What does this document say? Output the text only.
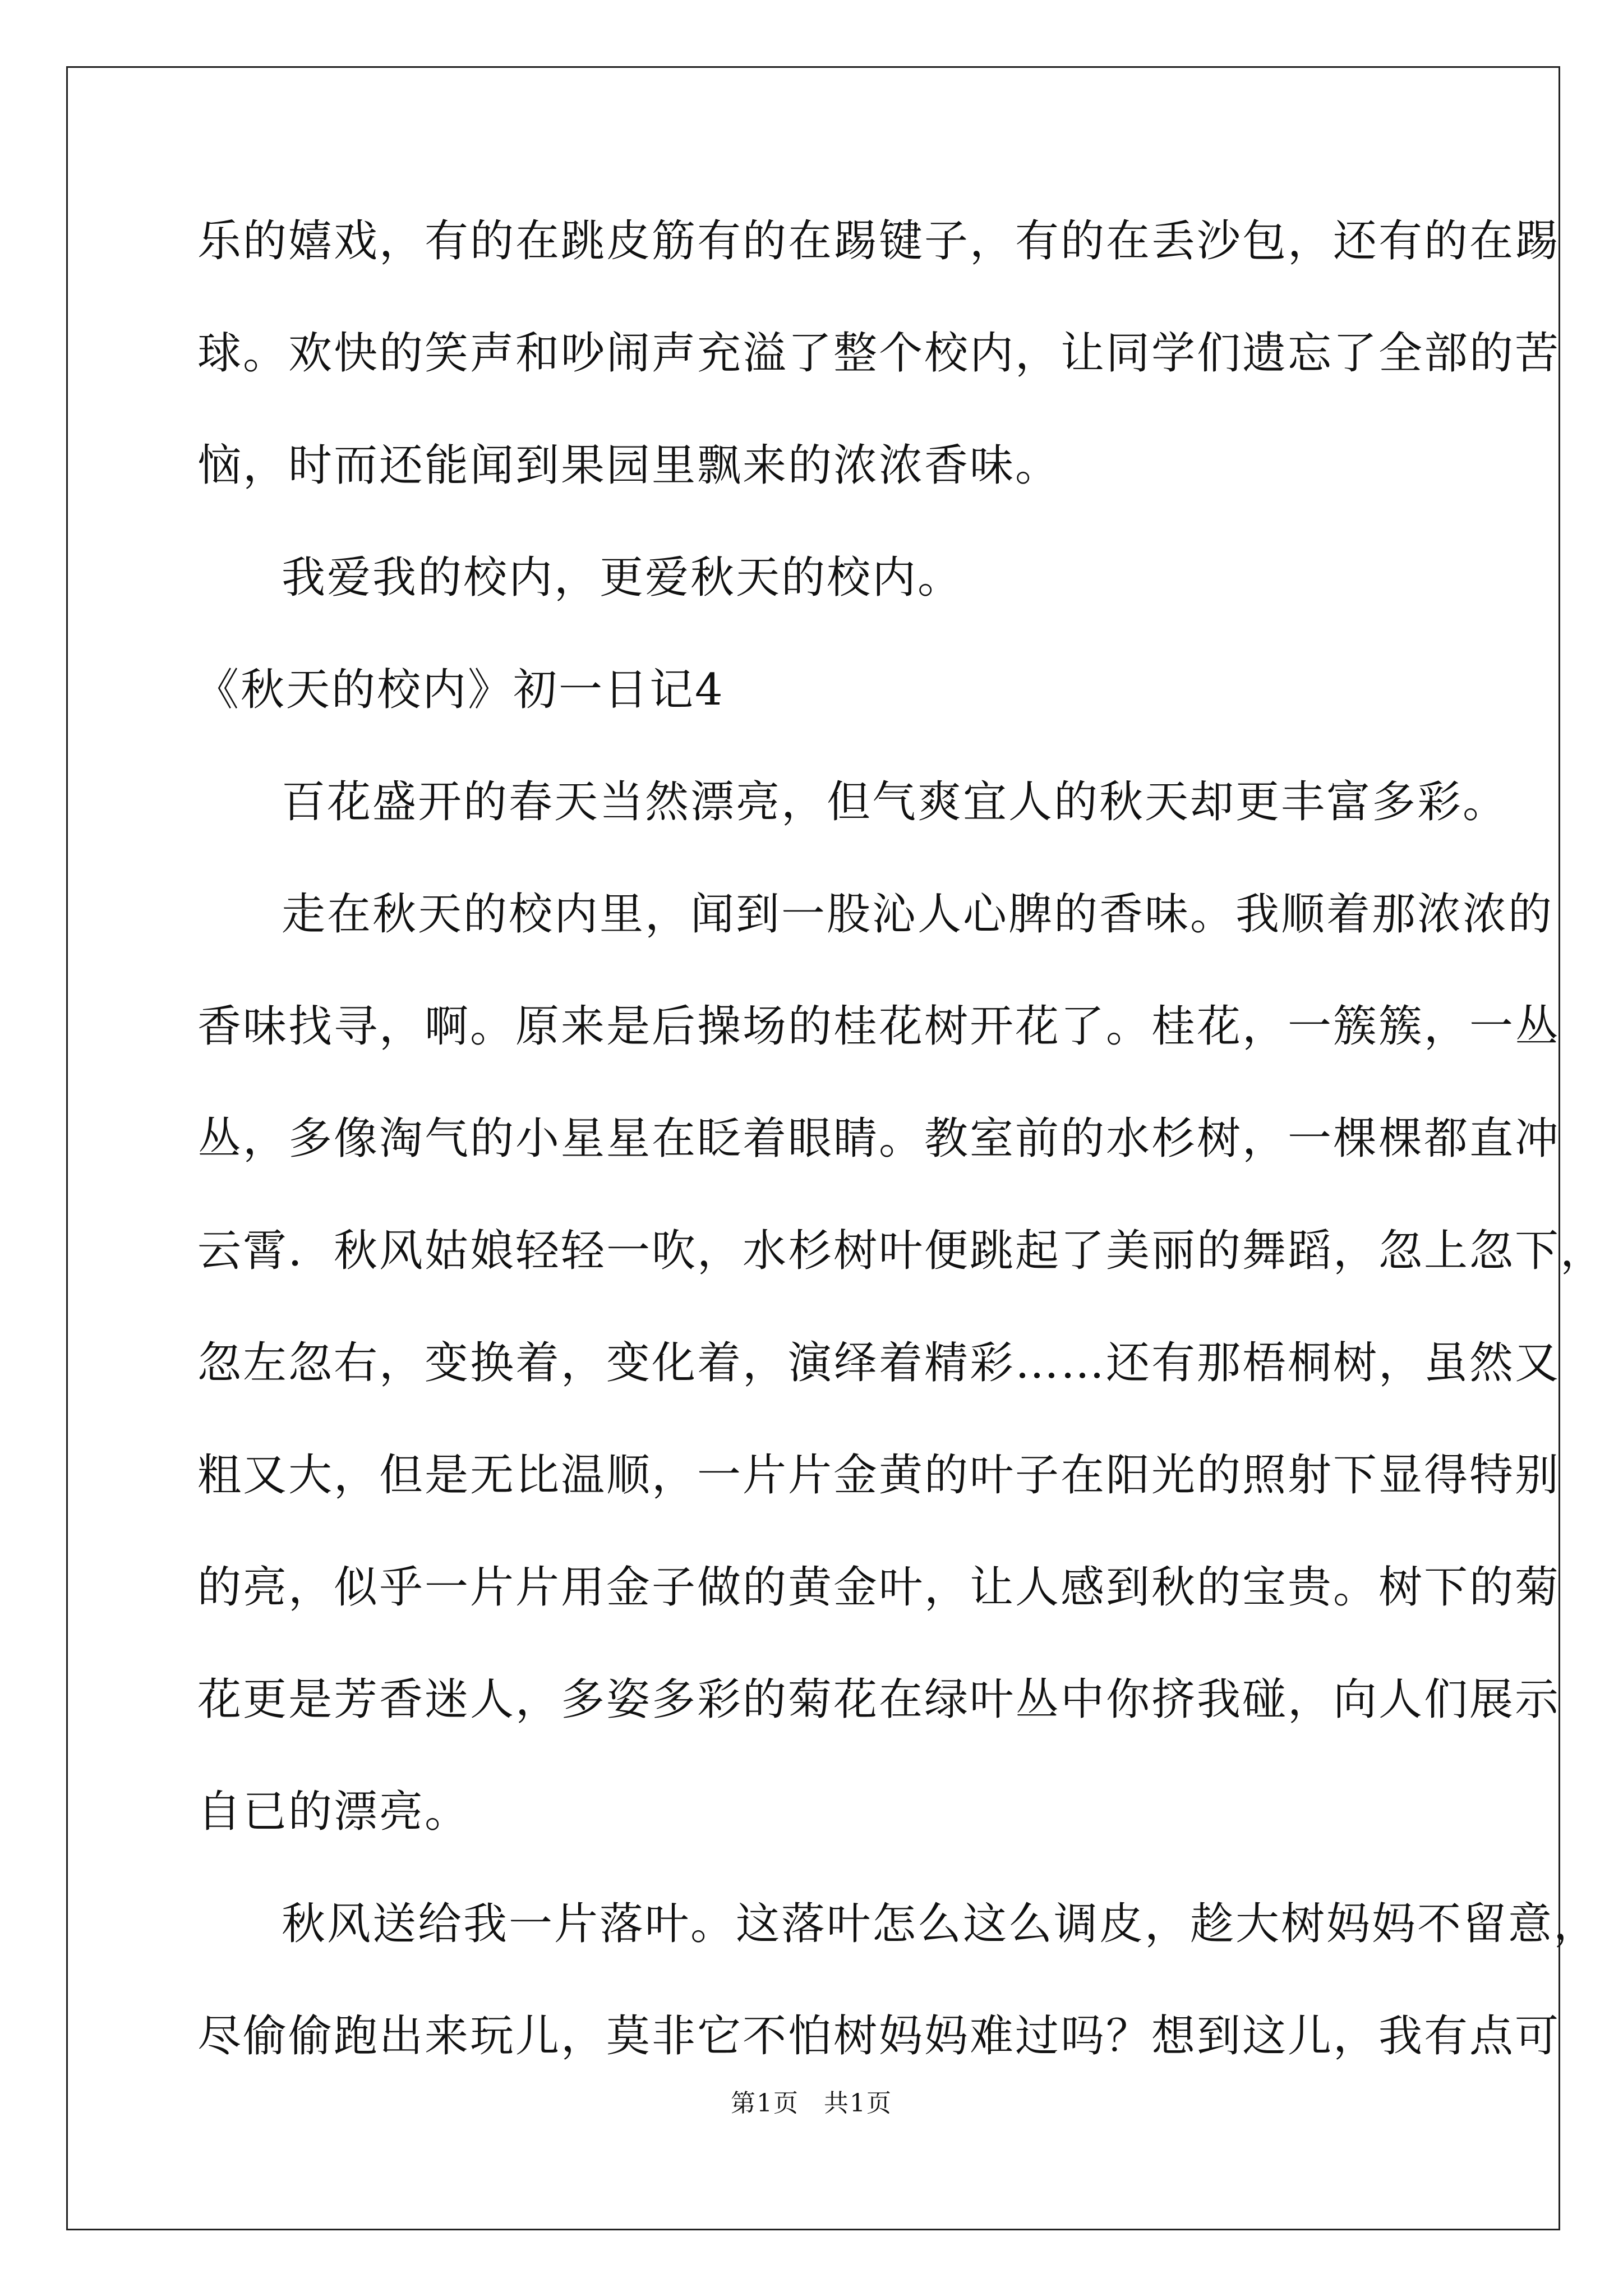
乐的嬉戏，有的在跳皮筋有的在踢键子，有的在丢沙包，还有的在踢
球。欢快的笑声和吵闹声充溢了整个校内，让同学们遗忘了全部的苦
恼，时而还能闻到果园里飘来的浓浓香味。
我爱我的校内，更爱秋天的校内。
《秋天的校内》初一日记4
百花盛开的春天当然漂亮，但气爽宜人的秋天却更丰富多彩。
走在秋天的校内里，闻到一股沁人心脾的香味。我顺着那浓浓的
香味找寻，啊。原来是后操场的桂花树开花了。桂花，一簇簇，一丛
丛，多像淘气的小星星在眨着眼睛。教室前的水杉树，一棵棵都直冲
云霄．秋风姑娘轻轻一吹，水杉树叶便跳起了美丽的舞蹈，忽上忽下，
忽左忽右，变换着，变化着，演绎着精彩……还有那梧桐树，虽然又
粗又大，但是无比温顺，一片片金黄的叶子在阳光的照射下显得特别
的亮，似乎一片片用金子做的黄金叶，让人感到秋的宝贵。树下的菊
花更是芳香迷人，多姿多彩的菊花在绿叶丛中你挤我碰，向人们展示
自已的漂亮。
秋风送给我一片落叶。这落叶怎么这么调皮，趁大树妈妈不留意，
尽偷偷跑出来玩儿，莫非它不怕树妈妈难过吗？想到这儿，我有点可
第1页 共1页
